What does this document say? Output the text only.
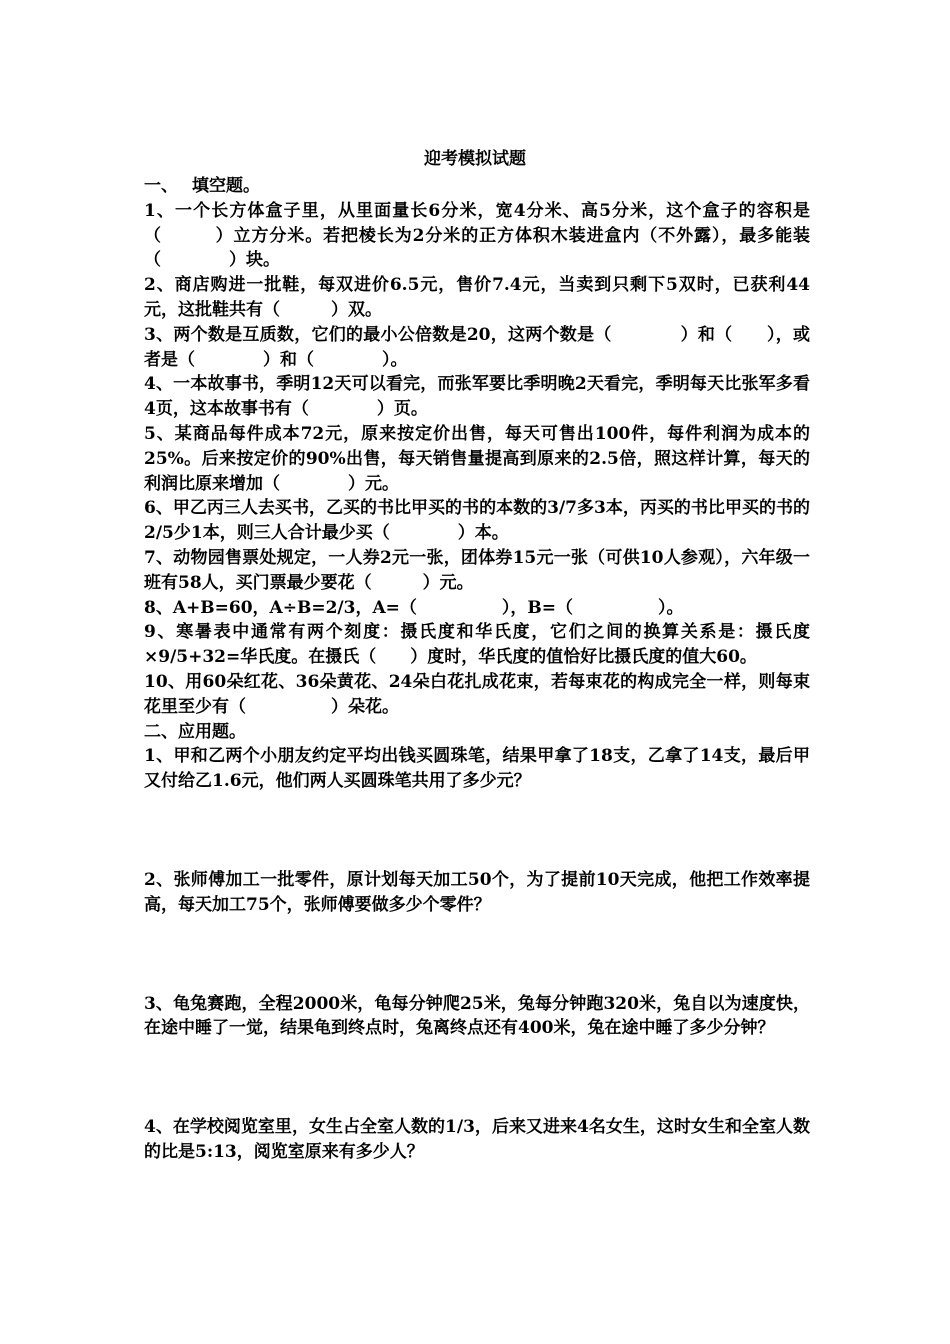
迎考模拟试题

一、 填空题。

1、一个长方体盒子里，从里面量长6分米，宽4分米、高5分米，这个盒子的容积是（　　　）立方分米。若把棱长为2分米的正方体积木装进盒内（不外露），最多能装（　　　　）块。

2、商店购进一批鞋，每双进价6.5元，售价7.4元，当卖到只剩下5双时，已获利44元，这批鞋共有（　　　）双。

3、两个数是互质数，它们的最小公倍数是20，这两个数是（　　　　）和（　　），或者是（　　　　）和（　　　　）。

4、一本故事书，季明12天可以看完，而张军要比季明晚2天看完，季明每天比张军多看4页，这本故事书有（　　　　）页。

5、某商品每件成本72元，原来按定价出售，每天可售出100件，每件利润为成本的25%。后来按定价的90%出售，每天销售量提高到原来的2.5倍，照这样计算，每天的利润比原来增加（　　　　）元。

6、甲乙丙三人去买书，乙买的书比甲买的书的本数的3/7多3本，丙买的书比甲买的书的2/5少1本，则三人合计最少买（　　　　）本。

7、动物园售票处规定，一人券2元一张，团体券15元一张（可供10人参观），六年级一班有58人，买门票最少要花（　　　）元。

8、A+B=60，A÷B=2/3，A=（　　　　　），B=（　　　　　）。

9、寒暑表中通常有两个刻度：摄氏度和华氏度，它们之间的换算关系是：摄氏度×9/5+32=华氏度。在摄氏（　　）度时，华氏度的值恰好比摄氏度的值大60。

10、用60朵红花、36朵黄花、24朵白花扎成花束，若每束花的构成完全一样，则每束花里至少有（　　　　　）朵花。

二、应用题。

1、甲和乙两个小朋友约定平均出钱买圆珠笔，结果甲拿了18支，乙拿了14支，最后甲又付给乙1.6元，他们两人买圆珠笔共用了多少元？

2、张师傅加工一批零件，原计划每天加工50个，为了提前10天完成，他把工作效率提高，每天加工75个，张师傅要做多少个零件？

3、龟兔赛跑，全程2000米，龟每分钟爬25米，兔每分钟跑320米，兔自以为速度快，在途中睡了一觉，结果龟到终点时，兔离终点还有400米，兔在途中睡了多少分钟？

4、在学校阅览室里，女生占全室人数的1/3，后来又进来4名女生，这时女生和全室人数的比是5:13，阅览室原来有多少人？
